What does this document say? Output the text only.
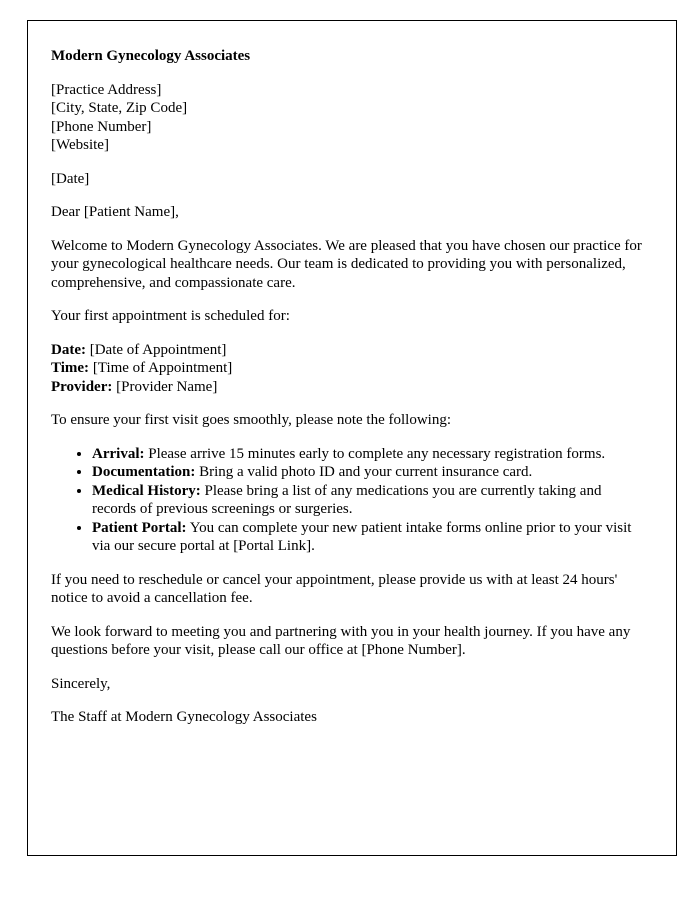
Modern Gynecology Associates

[Practice Address]

[City, State, Zip Code]

[Phone Number]

[Website]

[Date]

Dear [Patient Name],

Welcome to Modern Gynecology Associates. We are pleased that you have chosen our practice for your gynecological healthcare needs. Our team is dedicated to providing you with personalized, comprehensive, and compassionate care.

Your first appointment is scheduled for:

Date: [Date of Appointment]

Time: [Time of Appointment]

Provider: [Provider Name]

To ensure your first visit goes smoothly, please note the following:

• Arrival: Please arrive 15 minutes early to complete any necessary registration forms.
• Documentation: Bring a valid photo ID and your current insurance card.
• Medical History: Please bring a list of any medications you are currently taking and records of previous screenings or surgeries.
• Patient Portal: You can complete your new patient intake forms online prior to your visit via our secure portal at [Portal Link].

If you need to reschedule or cancel your appointment, please provide us with at least 24 hours' notice to avoid a cancellation fee.

We look forward to meeting you and partnering with you in your health journey. If you have any questions before your visit, please call our office at [Phone Number].

Sincerely,

The Staff at Modern Gynecology Associates
